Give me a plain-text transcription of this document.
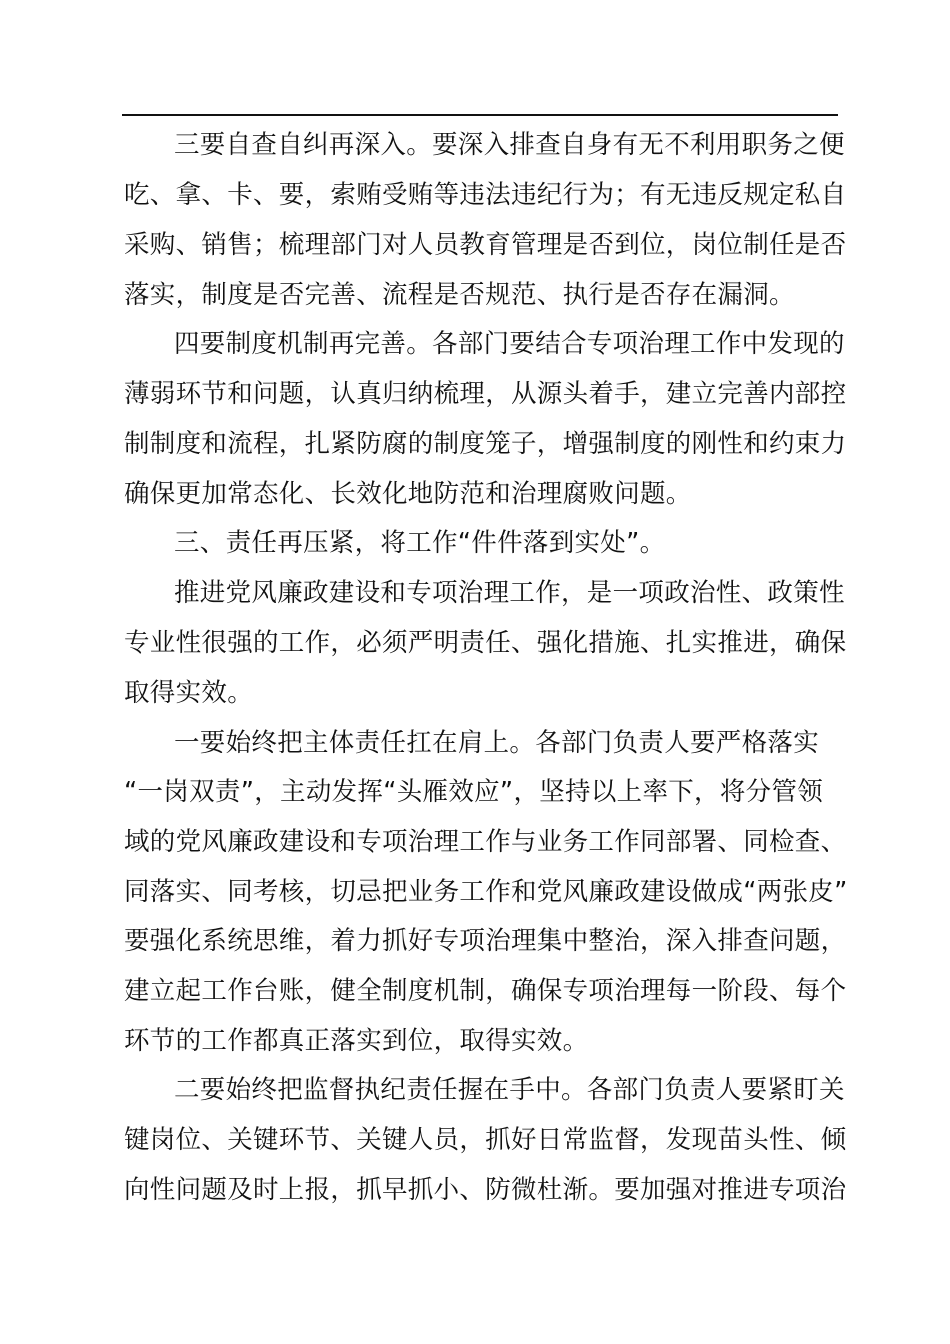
三要自查自纠再深入。要深入排查自身有无不利用职务之便
吃、拿、卡、要，索贿受贿等违法违纪行为；有无违反规定私自
采购、销售；梳理部门对人员教育管理是否到位，岗位制任是否
落实，制度是否完善、流程是否规范、执行是否存在漏洞。
四要制度机制再完善。各部门要结合专项治理工作中发现的
薄弱环节和问题，认真归纳梳理，从源头着手，建立完善内部控
制制度和流程，扎紧防腐的制度笼子，增强制度的刚性和约束力
确保更加常态化、长效化地防范和治理腐败问题。
三、责任再压紧，将工作“件件落到实处”。
推进党风廉政建设和专项治理工作，是一项政治性、政策性
专业性很强的工作，必须严明责任、强化措施、扎实推进，确保
取得实效。
一要始终把主体责任扛在肩上。各部门负责人要严格落实
“一岗双责”，主动发挥“头雁效应”，坚持以上率下，将分管领
域的党风廉政建设和专项治理工作与业务工作同部署、同检查、
同落实、同考核，切忌把业务工作和党风廉政建设做成“两张皮”
要强化系统思维，着力抓好专项治理集中整治，深入排查问题，
建立起工作台账，健全制度机制，确保专项治理每一阶段、每个
环节的工作都真正落实到位，取得实效。
二要始终把监督执纪责任握在手中。各部门负责人要紧盯关
键岗位、关键环节、关键人员，抓好日常监督，发现苗头性、倾
向性问题及时上报，抓早抓小、防微杜渐。要加强对推进专项治
